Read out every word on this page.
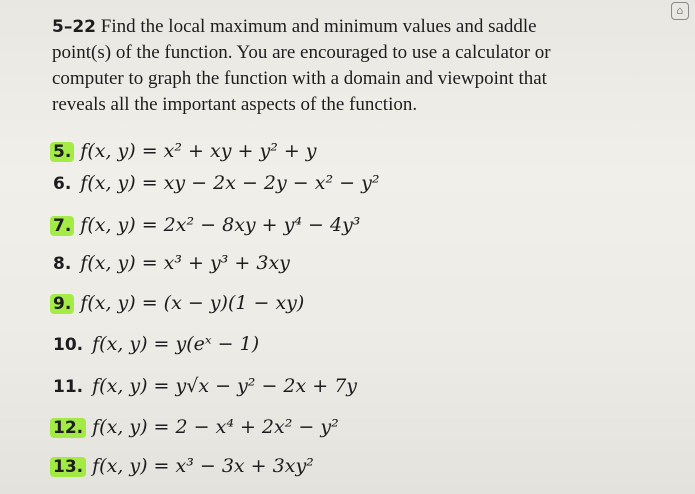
⌂
5–22 Find the local maximum and minimum values and saddle
point(s) of the function. You are encouraged to use a calculator or
computer to graph the function with a domain and viewpoint that
reveals all the important aspects of the function.
5. f(x, y) = x² + xy + y² + y
6. f(x, y) = xy − 2x − 2y − x² − y²
7. f(x, y) = 2x² − 8xy + y⁴ − 4y³
8. f(x, y) = x³ + y³ + 3xy
9. f(x, y) = (x − y)(1 − xy)
10. f(x, y) = y(eˣ − 1)
11. f(x, y) = y√x − y² − 2x + 7y
12. f(x, y) = 2 − x⁴ + 2x² − y²
13. f(x, y) = x³ − 3x + 3xy²
